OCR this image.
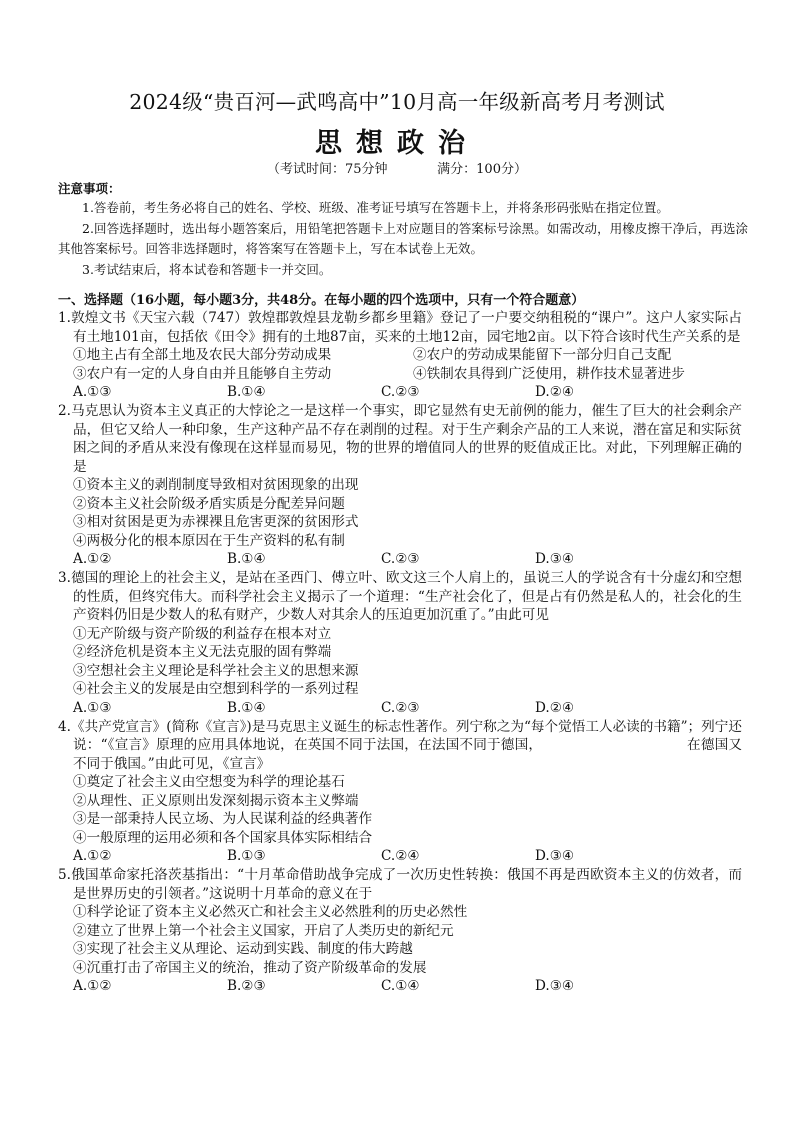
2024级“贵百河—武鸣高中”10月高一年级新高考月考测试
思想政治
（考试时间：75分钟	满分：100分）
注意事项：
1.答卷前，考生务必将自己的姓名、学校、班级、准考证号填写在答题卡上，并将条形码张贴在指定位置。
2.回答选择题时，选出每小题答案后，用铅笔把答题卡上对应题目的答案标号涂黑。如需改动，用橡皮擦干净后，再选涂其他答案标号。回答非选择题时，将答案写在答题卡上，写在本试卷上无效。
3.考试结束后，将本试卷和答题卡一并交回。
一、选择题（16小题，每小题3分，共48分。在每小题的四个选项中，只有一个符合题意）
1.敦煌文书《天宝六载（747）敦煌郡敦煌县龙勒乡都乡里籍》登记了一户要交纳租税的“课户”。这户人家实际占有土地101亩，包括依《田令》拥有的土地87亩，买来的土地12亩，园宅地2亩。以下符合该时代生产关系的是
①地主占有全部土地及农民大部分劳动成果	②农户的劳动成果能留下一部分归自己支配
③农户有一定的人身自由并且能够自主劳动	④铁制农具得到广泛使用，耕作技术显著进步
A.①③	B.①④	C.②③	D.②④
2.马克思认为资本主义真正的大悖论之一是这样一个事实，即它显然有史无前例的能力，催生了巨大的社会剩余产品，但它又给人一种印象，生产这种产品不存在剥削的过程。对于生产剩余产品的工人来说，潜在富足和实际贫困之间的矛盾从来没有像现在这样显而易见，物的世界的增值同人的世界的贬值成正比。对此，下列理解正确的是
①资本主义的剥削制度导致相对贫困现象的出现
②资本主义社会阶级矛盾实质是分配差异问题
③相对贫困是更为赤裸裸且危害更深的贫困形式
④两极分化的根本原因在于生产资料的私有制
A.①②	B.①④	C.②③	D.③④
3.德国的理论上的社会主义，是站在圣西门、傅立叶、欧文这三个人肩上的，虽说三人的学说含有十分虚幻和空想的性质，但终究伟大。而科学社会主义揭示了一个道理：“生产社会化了，但是占有仍然是私人的，社会化的生产资料仍旧是少数人的私有财产，少数人对其余人的压迫更加沉重了。”由此可见
①无产阶级与资产阶级的利益存在根本对立
②经济危机是资本主义无法克服的固有弊端
③空想社会主义理论是科学社会主义的思想来源
④社会主义的发展是由空想到科学的一系列过程
A.①③	B.①④	C.②③	D.②④
4.《共产党宣言》(简称《宣言》)是马克思主义诞生的标志性著作。列宁称之为“每个觉悟工人必读的书籍”；列宁还说：“《宣言》原理的应用具体地说，在英国不同于法国，在法国不同于德国，　　　　　　　　　　　在德国又不同于俄国。”由此可见，《宣言》
①奠定了社会主义由空想变为科学的理论基石
②从理性、正义原则出发深刻揭示资本主义弊端
③是一部秉持人民立场、为人民谋利益的经典著作
④一般原理的运用必须和各个国家具体实际相结合
A.①②	B.①③	C.②④	D.③④
5.俄国革命家托洛茨基指出：“十月革命借助战争完成了一次历史性转换：俄国不再是西欧资本主义的仿效者，而是世界历史的引领者。”这说明十月革命的意义在于
①科学论证了资本主义必然灭亡和社会主义必然胜利的历史必然性
②建立了世界上第一个社会主义国家，开启了人类历史的新纪元
③实现了社会主义从理论、运动到实践、制度的伟大跨越
④沉重打击了帝国主义的统治，推动了资产阶级革命的发展
A.①②	B.②③	C.①④	D.③④
